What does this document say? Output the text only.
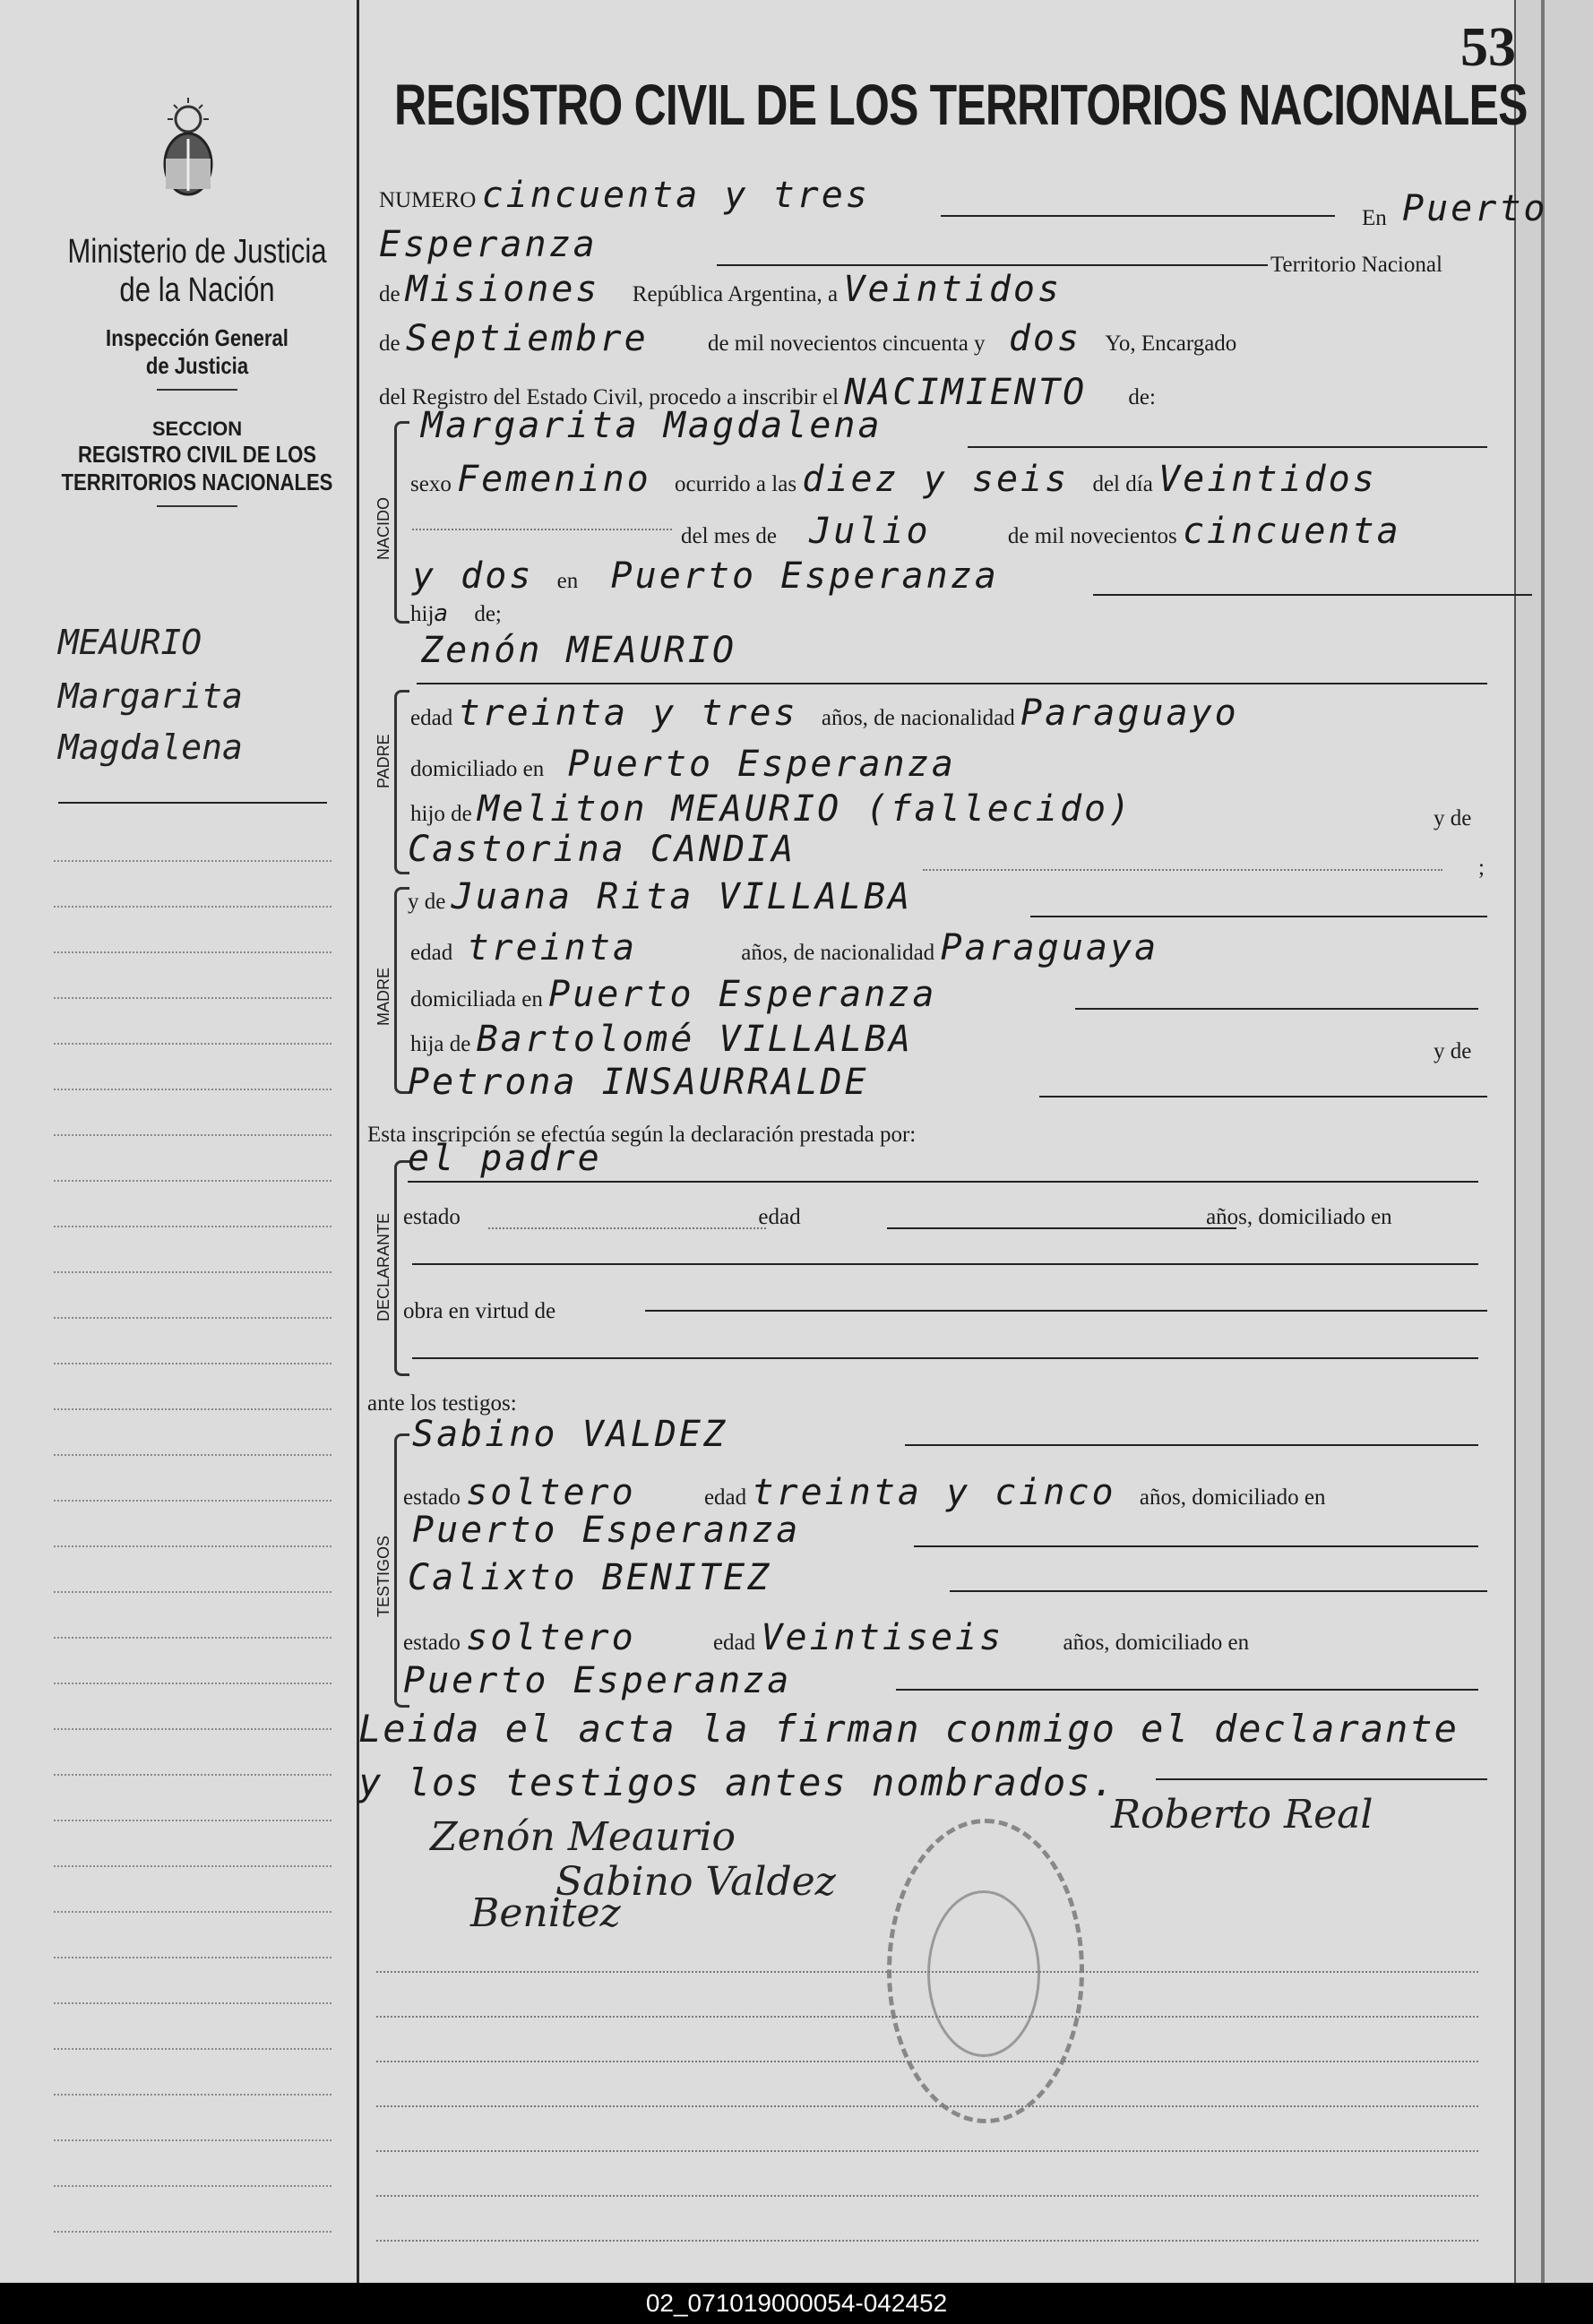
53
REGISTRO CIVIL DE LOS TERRITORIOS NACIONALES
Ministerio de Justicia
de la Nación
Inspección General
de Justicia
SECCION
REGISTRO CIVIL DE LOS
TERRITORIOS NACIONALES
MEAURIO
Margarita
Magdalena
NUMERO cincuenta y tres
En Puerto
Esperanza	Territorio Nacional
de Misiones República Argentina, a Veintidos
de Septiembre	de mil novecientos cincuenta y dos Yo, Encargado
del Registro del Estado Civil, procedo a inscribir el NACIMIENTO de:
NACIDO
Margarita Magdalena
sexo Femenino ocurrido a las diez y seis del día Veintidos
del mes de Julio	de mil novecientos cincuenta
y dos en Puerto Esperanza
hija de;
Zenón MEAURIO
PADRE
edad treinta y tres años, de nacionalidad Paraguayo
domiciliado en Puerto Esperanza
hijo de Meliton MEAURIO (fallecido)	y de
Castorina CANDIA	;
MADRE
y de Juana Rita VILLALBA
edad treinta	años, de nacionalidad Paraguaya
domiciliada en Puerto Esperanza
hija de Bartolomé VILLALBA	y de
Petrona INSAURRALDE
Esta inscripción se efectúa según la declaración prestada por:
DECLARANTE
el padre
estado	edad	años, domiciliado en
obra en virtud de
ante los testigos:
TESTIGOS
Sabino VALDEZ
estado soltero	edad treinta y cinco años, domiciliado en
Puerto Esperanza
Calixto BENITEZ
estado soltero	edad Veintiseis	años, domiciliado en
Puerto Esperanza
Leida el acta la firman conmigo el declarante
y los testigos antes nombrados.
Zenón Meaurio
Sabino Valdez
Benitez
Roberto Real
02_071019000054-042452
